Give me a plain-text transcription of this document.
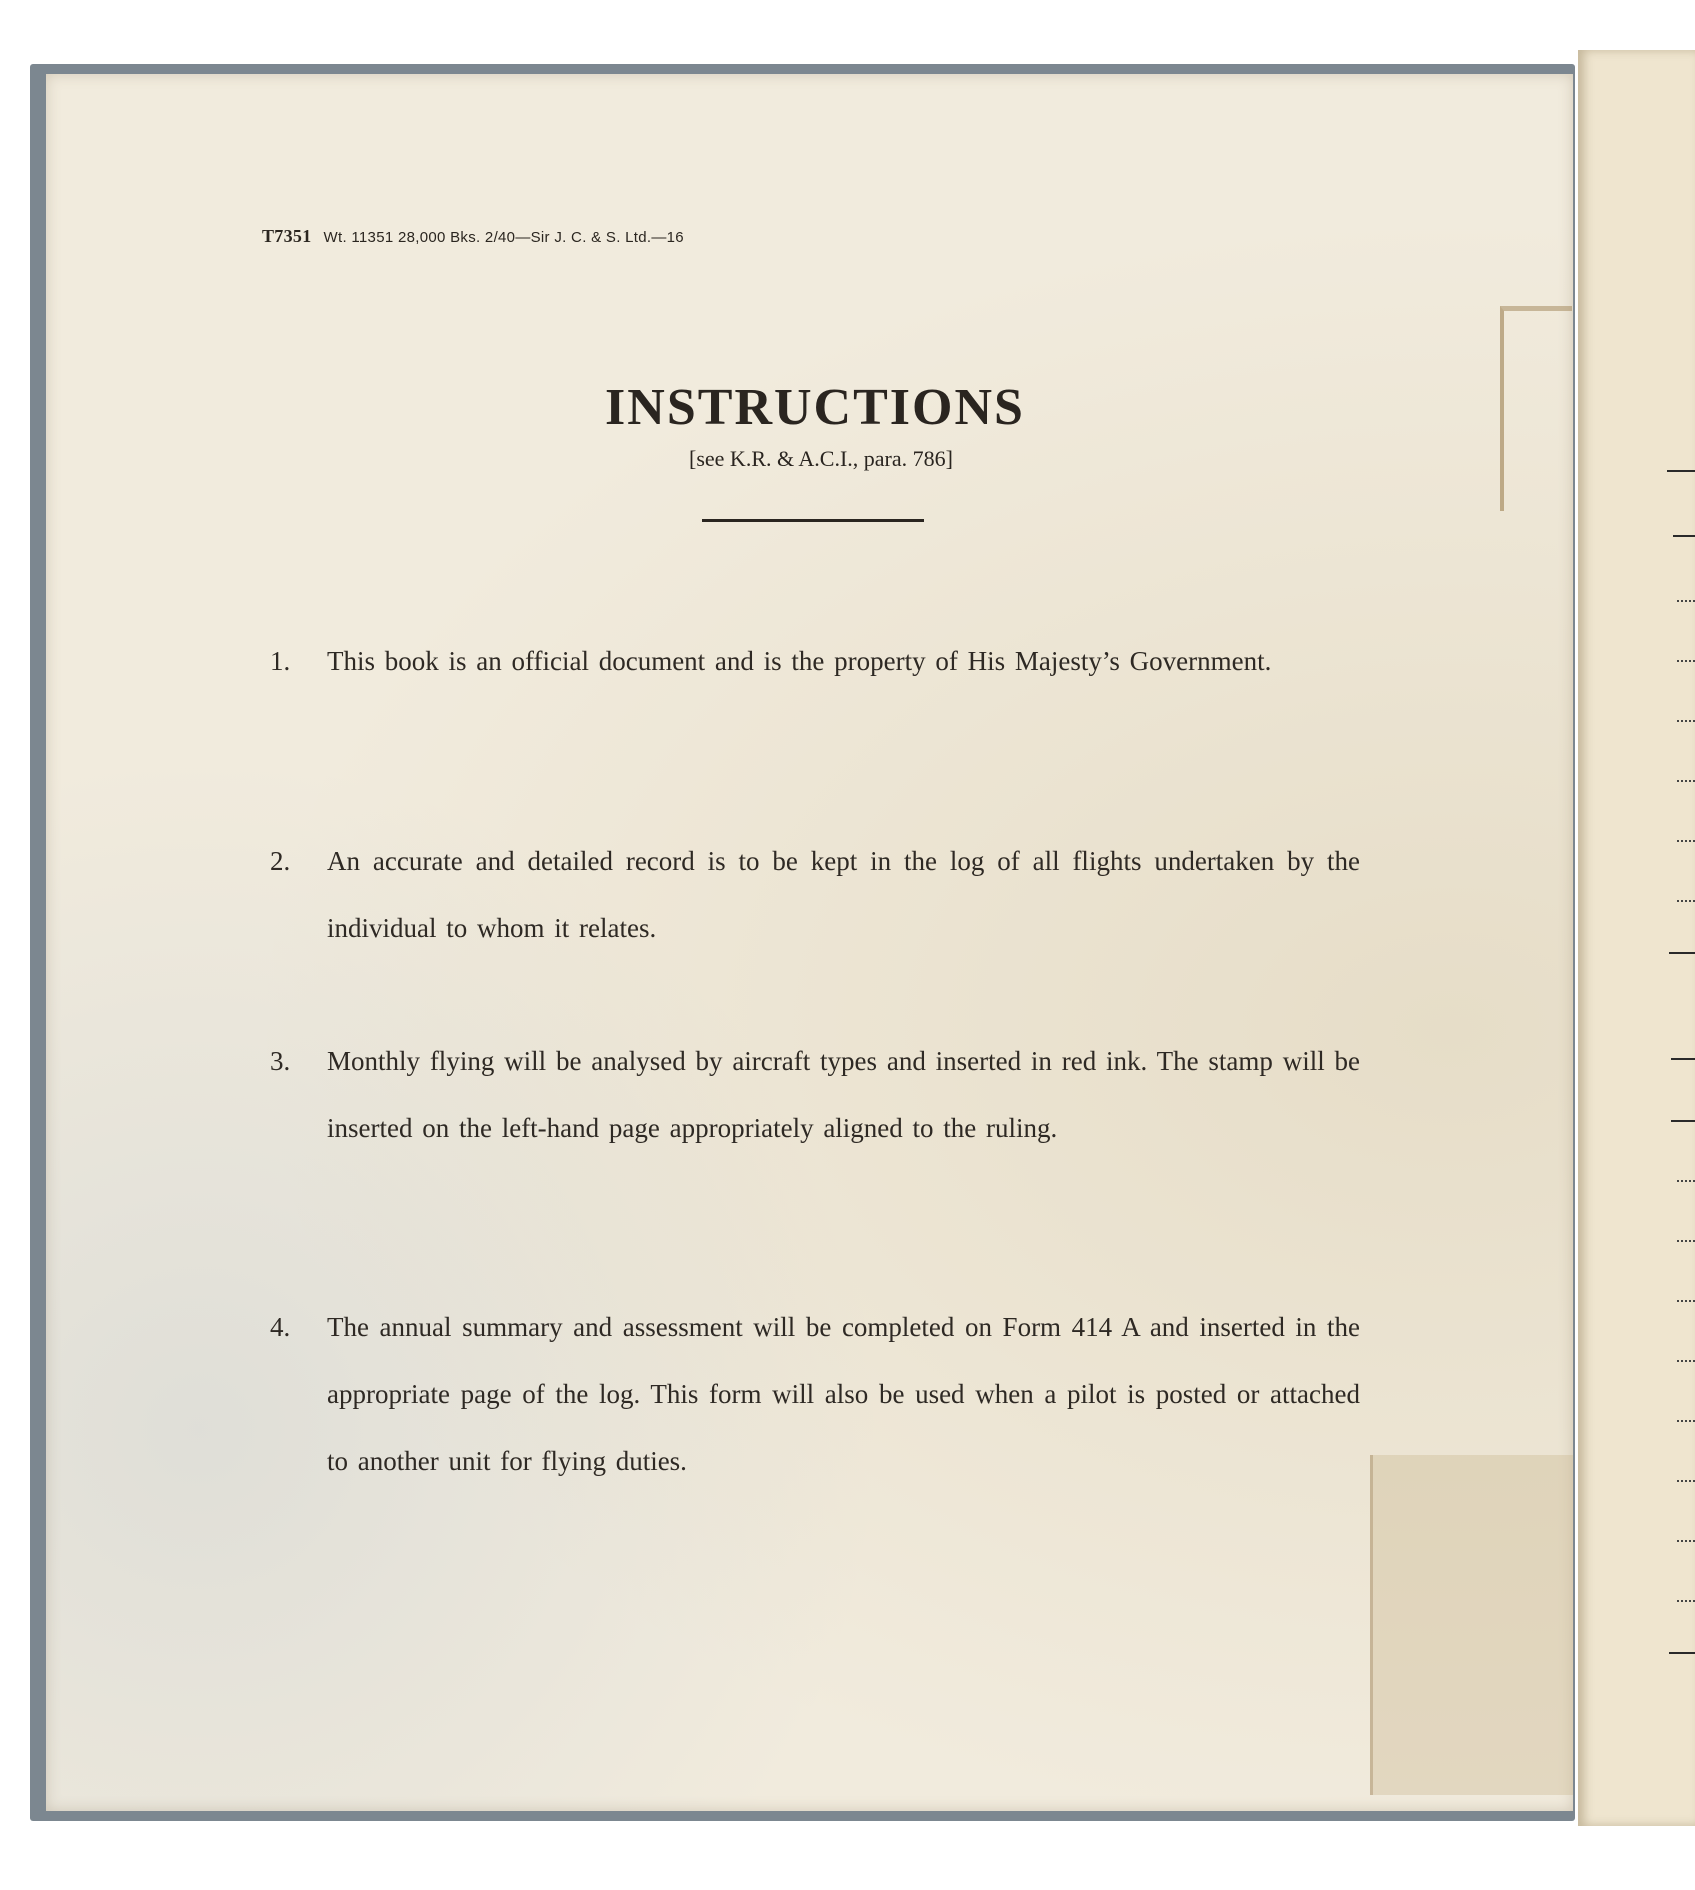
T7351 Wt. 11351 28,000 Bks. 2/40—Sir J. C. & S. Ltd.—16
INSTRUCTIONS
[see K.R. & A.C.I., para. 786]
1. This book is an official document and is the property of His Majesty’s Government.
2. An accurate and detailed record is to be kept in the log of all flights undertaken by the individual to whom it relates.
3. Monthly flying will be analysed by aircraft types and inserted in red ink. The stamp will be inserted on the left-hand page appropriately aligned to the ruling.
4. The annual summary and assessment will be completed on Form 414 A and inserted in the appropriate page of the log. This form will also be used when a pilot is posted or attached to another unit for flying duties.
